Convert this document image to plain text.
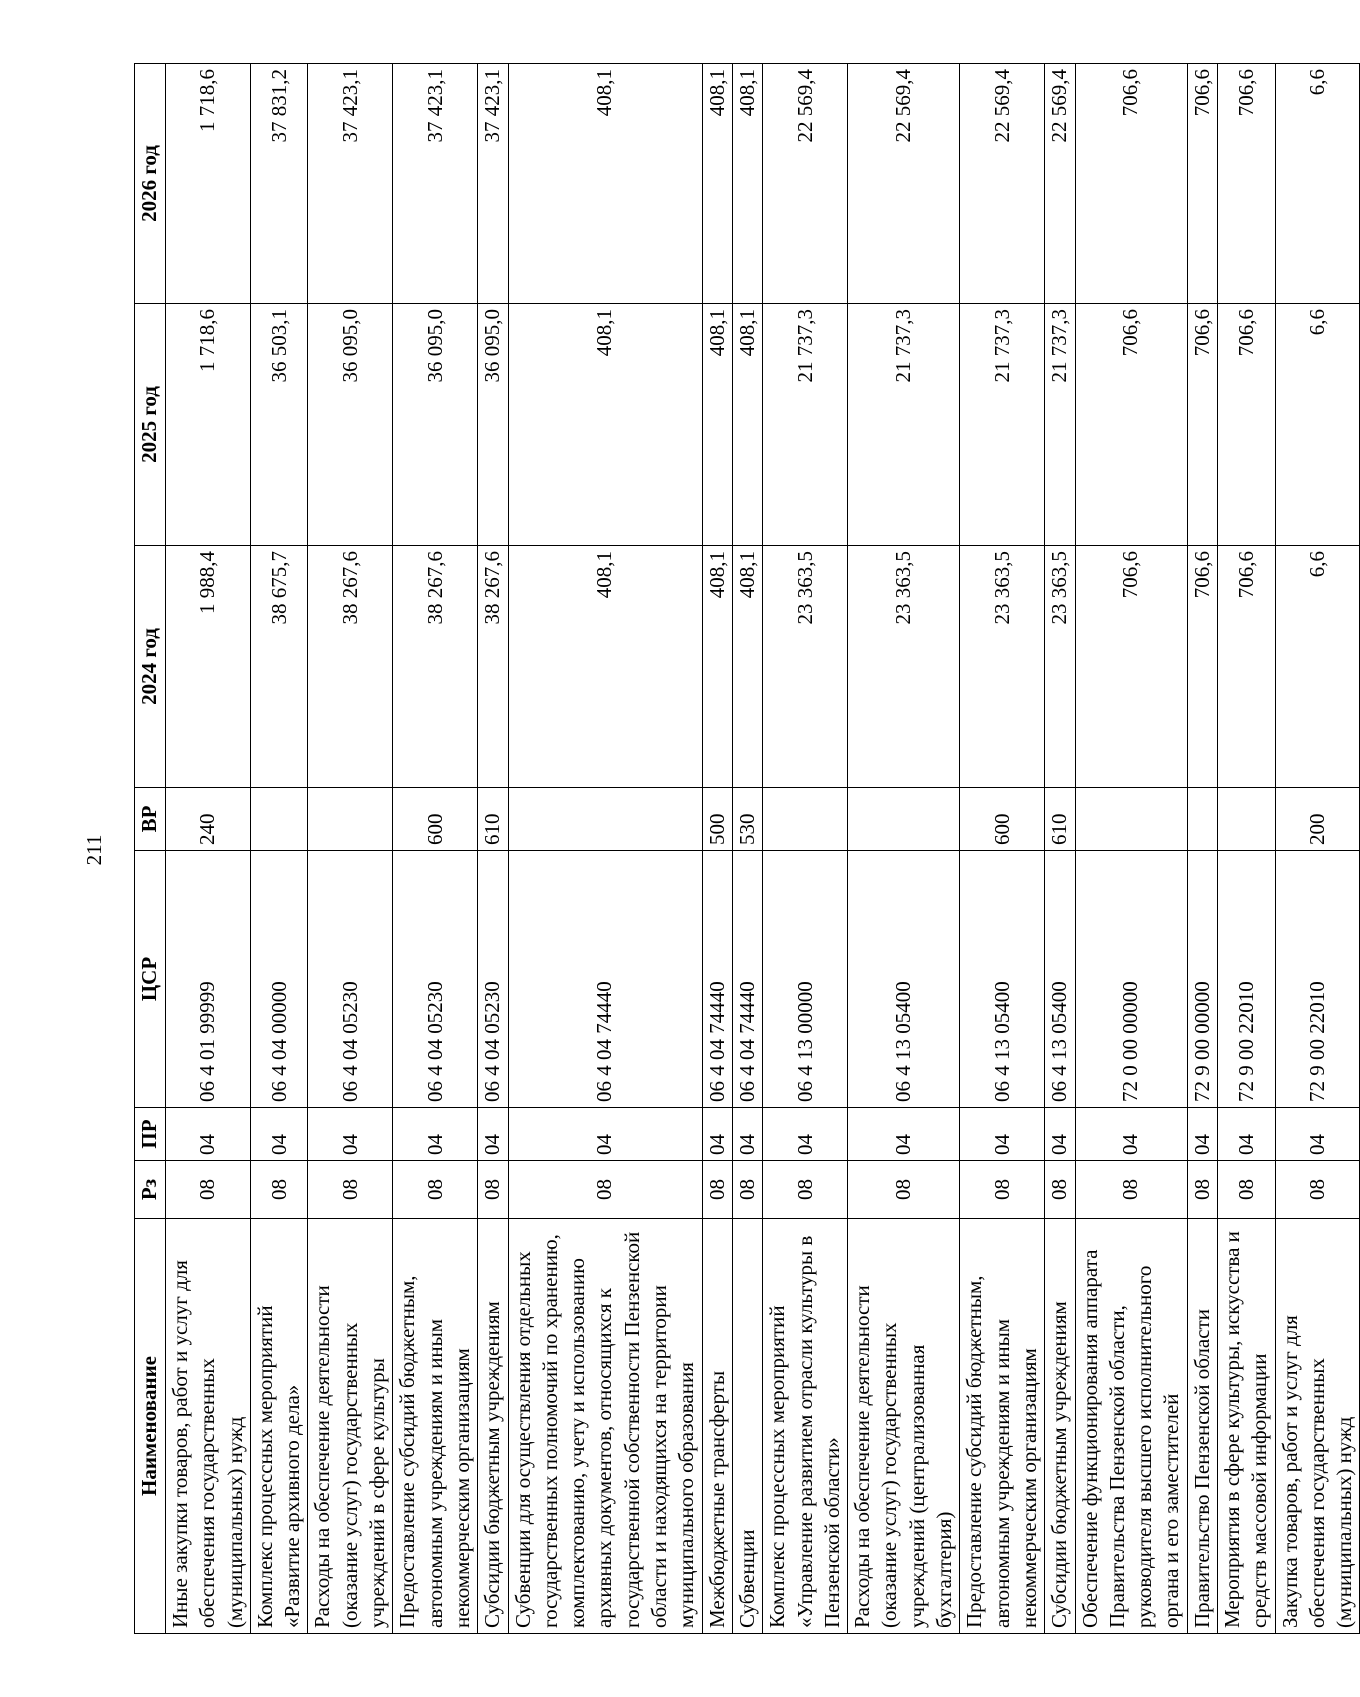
211
Наименование	Рз	ПР	ЦСР	ВР	2024 год	2025 год	2026 год
Иные закупки товаров, работ и услуг для обеспечения государственных (муниципальных) нужд	08	04	06 4 01 99999	240	1 988,4	1 718,6	1 718,6
Комплекс процессных мероприятий «Развитие архивного дела»	08	04	06 4 04 00000		38 675,7	36 503,1	37 831,2
Расходы на обеспечение деятельности (оказание услуг) государственных учреждений в сфере культуры	08	04	06 4 04 05230		38 267,6	36 095,0	37 423,1
Предоставление субсидий бюджетным, автономным учреждениям и иным некоммерческим организациям	08	04	06 4 04 05230	600	38 267,6	36 095,0	37 423,1
Субсидии бюджетным учреждениям	08	04	06 4 04 05230	610	38 267,6	36 095,0	37 423,1
Субвенции для осуществления отдельных государственных полномочий по хранению, комплектованию, учету и использованию архивных документов, относящихся к государственной собственности Пензенской области и находящихся на территории муниципального образования	08	04	06 4 04 74440		408,1	408,1	408,1
Межбюджетные трансферты	08	04	06 4 04 74440	500	408,1	408,1	408,1
Субвенции	08	04	06 4 04 74440	530	408,1	408,1	408,1
Комплекс процессных мероприятий «Управление развитием отрасли культуры в Пензенской области»	08	04	06 4 13 00000		23 363,5	21 737,3	22 569,4
Расходы на обеспечение деятельности (оказание услуг) государственных учреждений (централизованная бухгалтерия)	08	04	06 4 13 05400		23 363,5	21 737,3	22 569,4
Предоставление субсидий бюджетным, автономным учреждениям и иным некоммерческим организациям	08	04	06 4 13 05400	600	23 363,5	21 737,3	22 569,4
Субсидии бюджетным учреждениям	08	04	06 4 13 05400	610	23 363,5	21 737,3	22 569,4
Обеспечение функционирования аппарата Правительства Пензенской области, руководителя высшего исполнительного органа и его заместителей	08	04	72 0 00 00000		706,6	706,6	706,6
Правительство Пензенской области	08	04	72 9 00 00000		706,6	706,6	706,6
Мероприятия в сфере культуры, искусства и средств массовой информации	08	04	72 9 00 22010		706,6	706,6	706,6
Закупка товаров, работ и услуг для обеспечения государственных (муниципальных) нужд	08	04	72 9 00 22010	200	6,6	6,6	6,6
